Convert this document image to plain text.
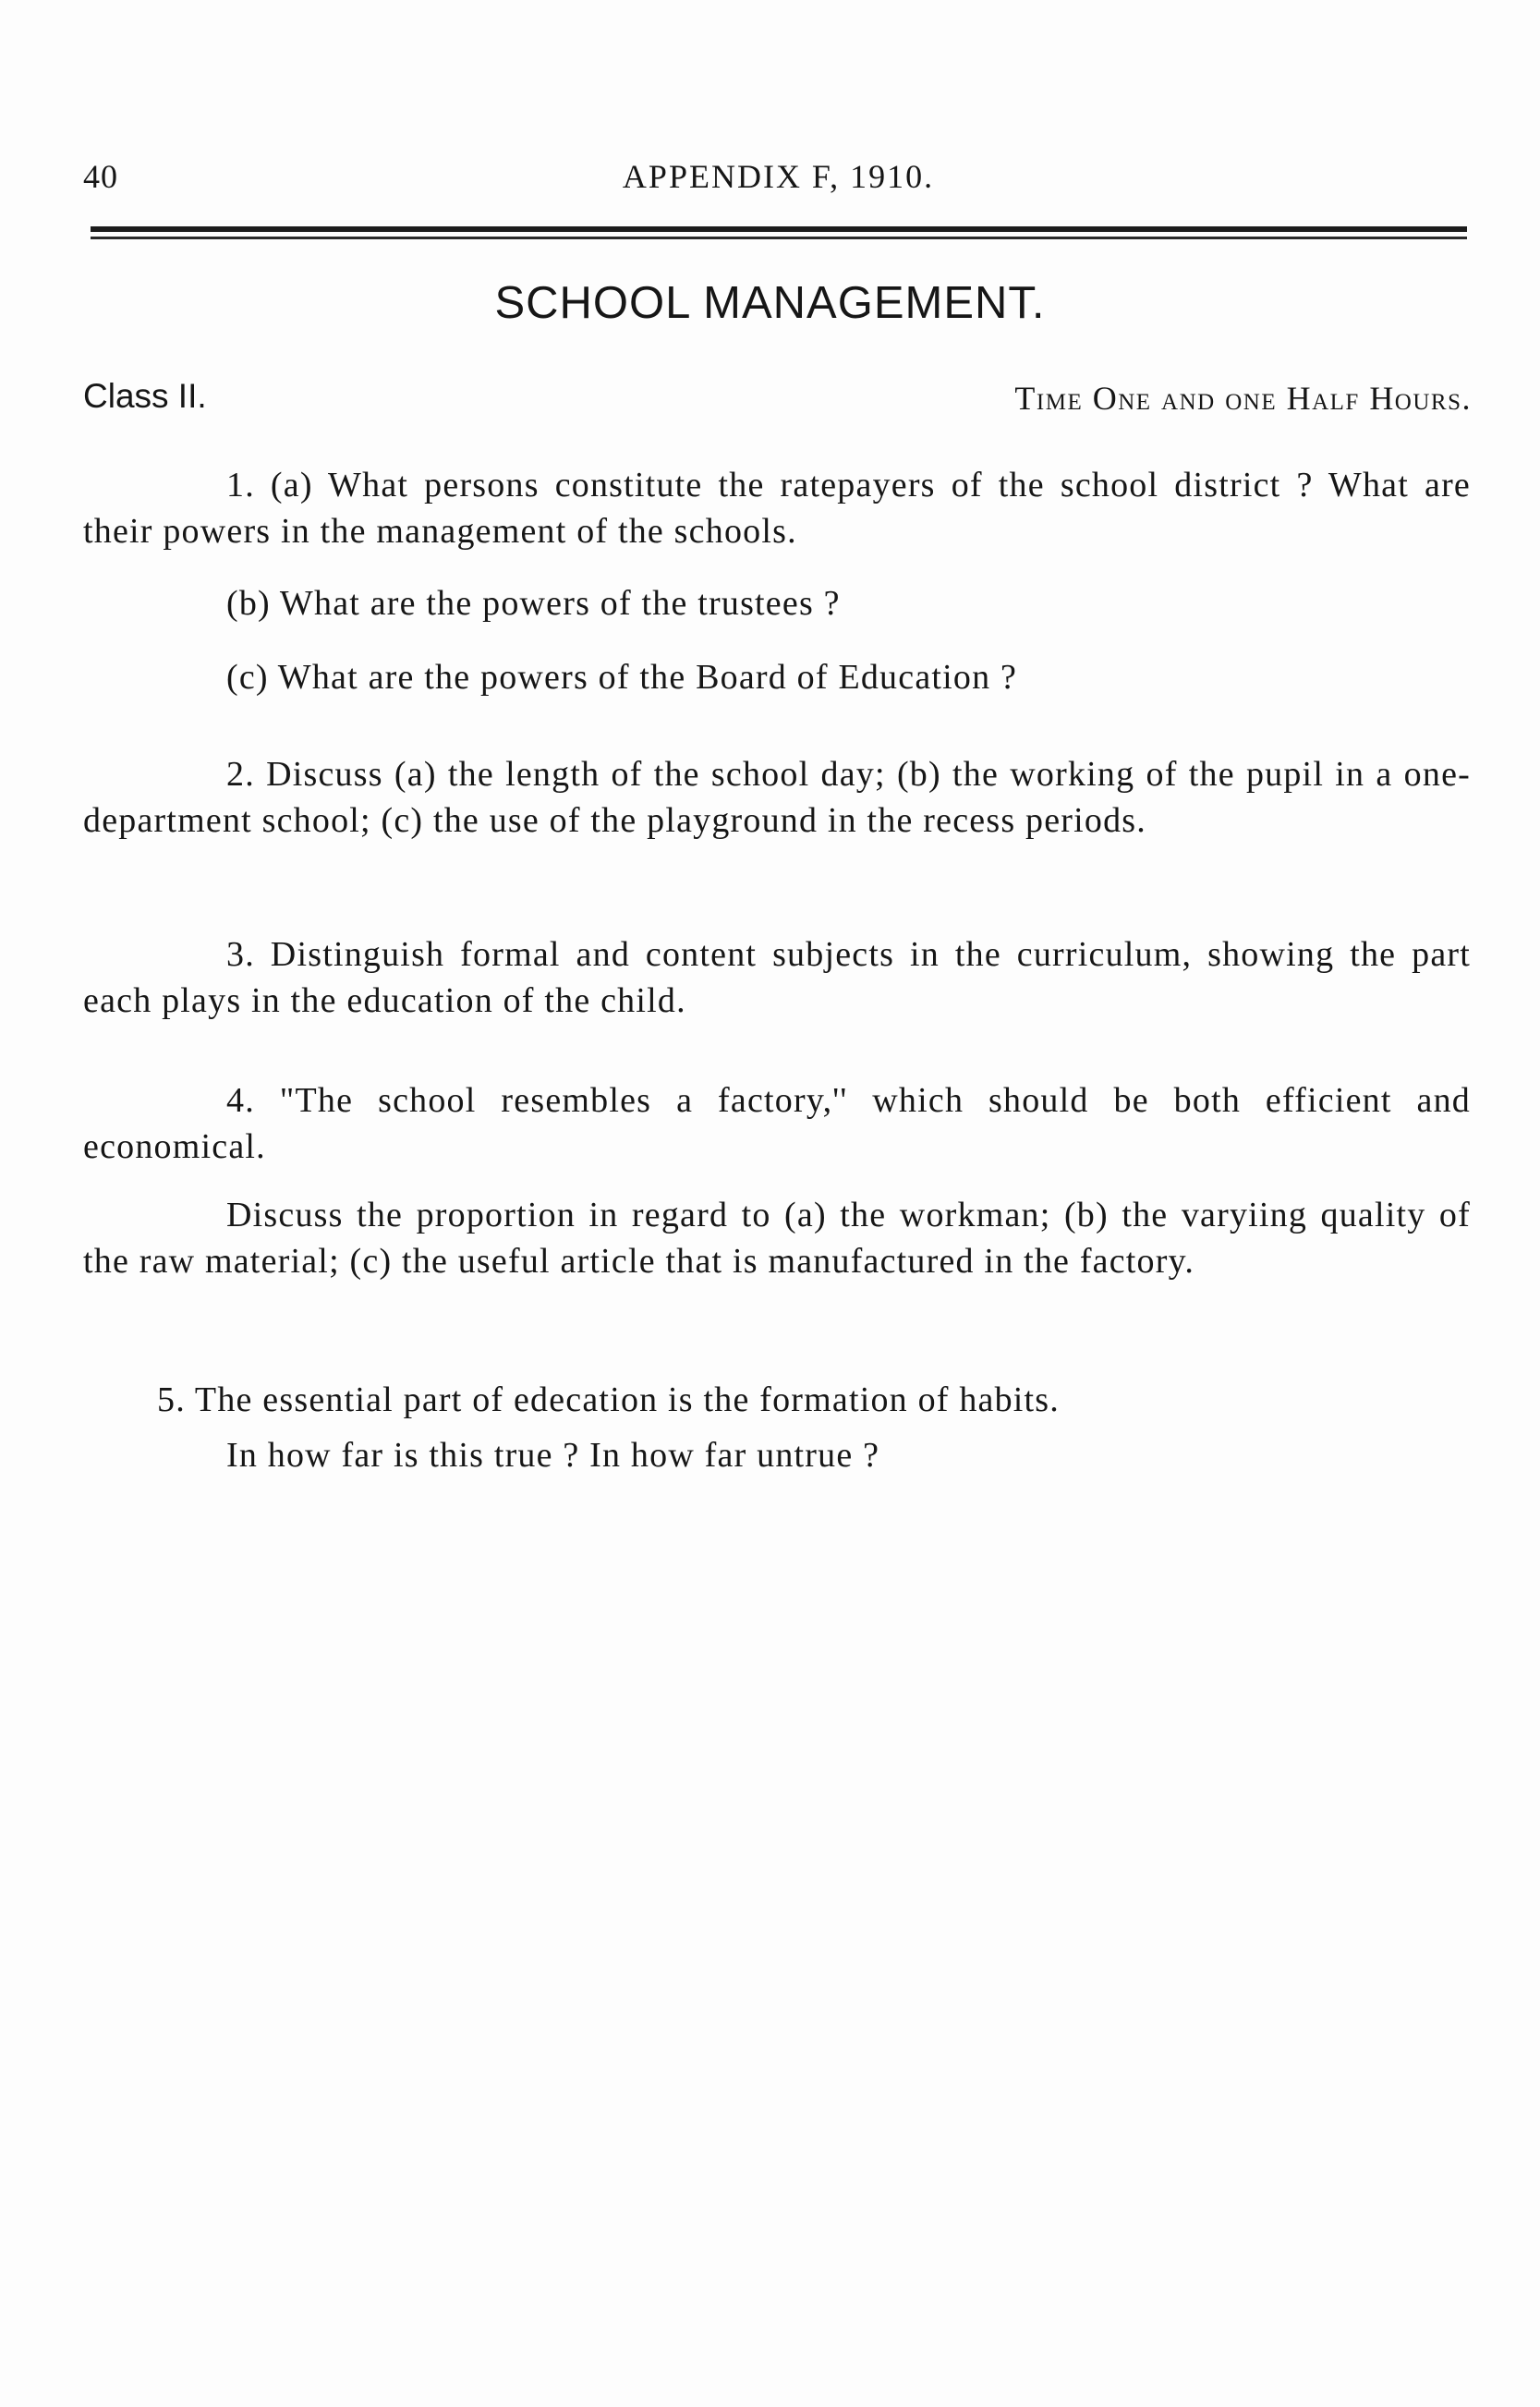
40	APPENDIX F, 1910.
SCHOOL MANAGEMENT.
Class II.	Time One and one Half Hours.
1. (a) What persons constitute the ratepayers of the school district ? What are their powers in the management of the schools.
(b) What are the powers of the trustees ?
(c) What are the powers of the Board of Education ?
2. Discuss (a) the length of the school day; (b) the working of the pupil in a one-department school; (c) the use of the playground in the recess periods.
3. Distinguish formal and content subjects in the curriculum, showing the part each plays in the education of the child.
4. "The school resembles a factory,'' which should be both efficient and economical.
Discuss the proportion in regard to (a) the workman; (b) the varyiing quality of the raw material; (c) the useful article that is manufactured in the factory.
5. The essential part of edecation is the formation of habits.
In how far is this true ? In how far untrue ?
